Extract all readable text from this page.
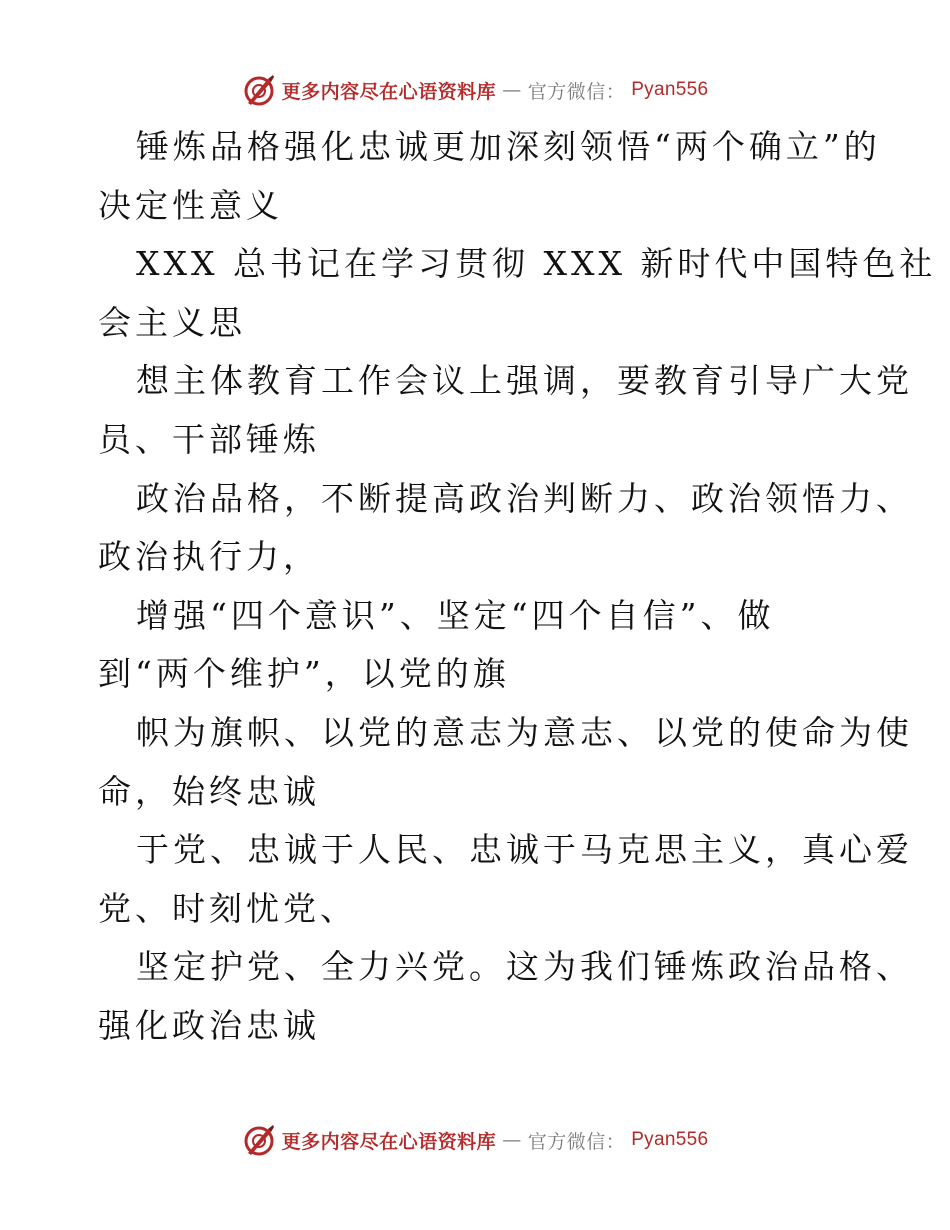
更多内容尽在心语资料库 — 官方微信： Pyan556
锤炼品格强化忠诚更加深刻领悟“两个确立”的
决定性意义
XXX 总书记在学习贯彻 XXX 新时代中国特色社
会主义思
想主体教育工作会议上强调，要教育引导广大党
员、干部锤炼
政治品格，不断提高政治判断力、政治领悟力、
政治执行力，
增强“四个意识”、坚定“四个自信”、做
到“两个维护”，以党的旗
帜为旗帜、以党的意志为意志、以党的使命为使
命，始终忠诚
于党、忠诚于人民、忠诚于马克思主义，真心爱
党、时刻忧党、
坚定护党、全力兴党。这为我们锤炼政治品格、
强化政治忠诚
更多内容尽在心语资料库 — 官方微信： Pyan556
